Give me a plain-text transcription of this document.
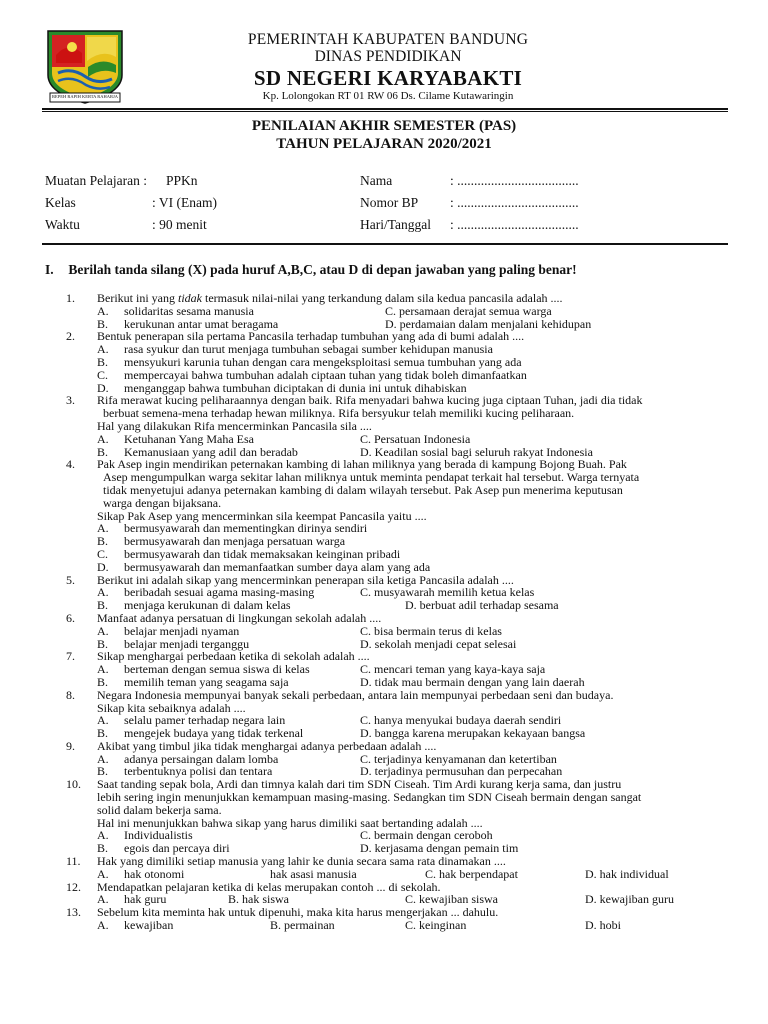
REPEH RAPIH KERTA RAHARJA
PEMERINTAH KABUPATEN BANDUNG
DINAS PENDIDIKAN
SD NEGERI KARYABAKTI
Kp. Lolongokan RT 01 RW 06 Ds. Cilame Kutawaringin
PENILAIAN AKHIR SEMESTER (PAS)
TAHUN PELAJARAN 2020/2021
Muatan Pelajaran : PPKn
Kelas	: VI (Enam)
Waktu	: 90 menit
Nama	: ....................................
Nomor BP : ....................................
Hari/Tanggal : ....................................
I. Berilah tanda silang (X) pada huruf A,B,C, atau D di depan jawaban yang paling benar!
1.	Berikut ini yang tidak termasuk nilai-nilai yang terkandung dalam sila kedua pancasila adalah ....
A. solidaritas sesama manusia	C. persamaan derajat semua warga
B. kerukunan antar umat beragama	D. perdamaian dalam menjalani kehidupan
2.	Bentuk penerapan sila pertama Pancasila terhadap tumbuhan yang ada di bumi adalah ....
A. rasa syukur dan turut menjaga tumbuhan sebagai sumber kehidupan manusia
B. mensyukuri karunia tuhan dengan cara mengeksploitasi semua tumbuhan yang ada
C. mempercayai bahwa tumbuhan adalah ciptaan tuhan yang tidak boleh dimanfaatkan
D. menganggap bahwa tumbuhan diciptakan di dunia ini untuk dihabiskan
3.	Rifa merawat kucing peliharaannya dengan baik. Rifa menyadari bahwa kucing juga ciptaan Tuhan, jadi dia tidak
berbuat semena-mena terhadap hewan miliknya. Rifa bersyukur telah memiliki kucing peliharaan.
Hal yang dilakukan Rifa mencerminkan Pancasila sila ....
A. Ketuhanan Yang Maha Esa	C. Persatuan Indonesia
B. Kemanusiaan yang adil dan beradab	D. Keadilan sosial bagi seluruh rakyat Indonesia
4.	Pak Asep ingin mendirikan peternakan kambing di lahan miliknya yang berada di kampung Bojong Buah. Pak
Asep mengumpulkan warga sekitar lahan miliknya untuk meminta pendapat terkait hal tersebut. Warga ternyata
tidak menyetujui adanya peternakan kambing di dalam wilayah tersebut. Pak Asep pun menerima keputusan
warga dengan bijaksana.
Sikap Pak Asep yang mencerminkan sila keempat Pancasila yaitu ....
A. bermusyawarah dan mementingkan dirinya sendiri
B. bermusyawarah dan menjaga persatuan warga
C. bermusyawarah dan tidak memaksakan keinginan pribadi
D. bermusyawarah dan memanfaatkan sumber daya alam yang ada
5.	Berikut ini adalah sikap yang mencerminkan penerapan sila ketiga Pancasila adalah ....
A. beribadah sesuai agama masing-masing	C. musyawarah memilih ketua kelas
B. menjaga kerukunan di dalam kelas	D. berbuat adil terhadap sesama
6.	Manfaat adanya persatuan di lingkungan sekolah adalah ....
A. belajar menjadi nyaman	C. bisa bermain terus di kelas
B. belajar menjadi terganggu	D. sekolah menjadi cepat selesai
7.	Sikap menghargai perbedaan ketika di sekolah adalah ....
A. berteman dengan semua siswa di kelas	C. mencari teman yang kaya-kaya saja
B. memilih teman yang seagama saja	D. tidak mau bermain dengan yang lain daerah
8.	Negara Indonesia mempunyai banyak sekali perbedaan, antara lain mempunyai perbedaan seni dan budaya.
Sikap kita sebaiknya adalah ....
A. selalu pamer terhadap negara lain	C. hanya menyukai budaya daerah sendiri
B. mengejek budaya yang tidak terkenal	D. bangga karena merupakan kekayaan bangsa
9.	Akibat yang timbul jika tidak menghargai adanya perbedaan adalah ....
A. adanya persaingan dalam lomba	C. terjadinya kenyamanan dan ketertiban
B. terbentuknya polisi dan tentara	D. terjadinya permusuhan dan perpecahan
10.	Saat tanding sepak bola, Ardi dan timnya kalah dari tim SDN Ciseah. Tim Ardi kurang kerja sama, dan justru
lebih sering ingin menunjukkan kemampuan masing-masing. Sedangkan tim SDN Ciseah bermain dengan sangat
solid dalam bekerja sama.
Hal ini menunjukkan bahwa sikap yang harus dimiliki saat bertanding adalah ....
A. Individualistis	C. bermain dengan ceroboh
B. egois dan percaya diri	D. kerjasama dengan pemain tim
11.	Hak yang dimiliki setiap manusia yang lahir ke dunia secara sama rata dinamakan ....
A. hak otonomi	hak asasi manusia	C. hak berpendapat	D. hak individual
12.	Mendapatkan pelajaran ketika di kelas merupakan contoh ... di sekolah.
A. hak guru	B. hak siswa	C. kewajiban siswa	D. kewajiban guru
13.	Sebelum kita meminta hak untuk dipenuhi, maka kita harus mengerjakan ... dahulu.
A. kewajiban	B. permainan	C. keinginan	D. hobi
